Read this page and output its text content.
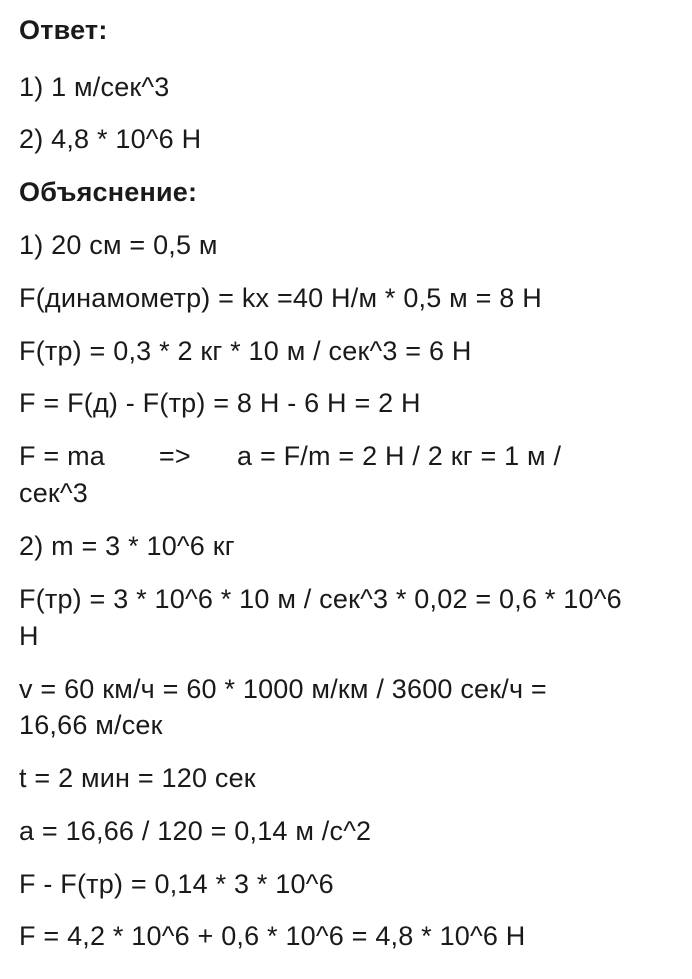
Ответ:
1) 1 м/сек^3
2) 4,8 * 10^6 Н
Объяснение:
1) 20 см = 0,5 м
F(динамометр) = kx =40 Н/м * 0,5 м = 8 Н
F(тр) = 0,3 * 2 кг * 10 м / сек^3 = 6 Н
F = F(д) - F(тр) = 8 Н - 6 Н = 2 Н
F = ma       =>      a = F/m = 2 Н / 2 кг = 1 м /
сек^3
2) m = 3 * 10^6 кг
F(тр) = 3 * 10^6 * 10 м / сек^3 * 0,02 = 0,6 * 10^6
Н
v = 60 км/ч = 60 * 1000 м/км / 3600 сек/ч =
16,66 м/сек
t = 2 мин = 120 сек
a = 16,66 / 120 = 0,14 м /с^2
F - F(тр) = 0,14 * 3 * 10^6
F = 4,2 * 10^6 + 0,6 * 10^6 = 4,8 * 10^6 Н
